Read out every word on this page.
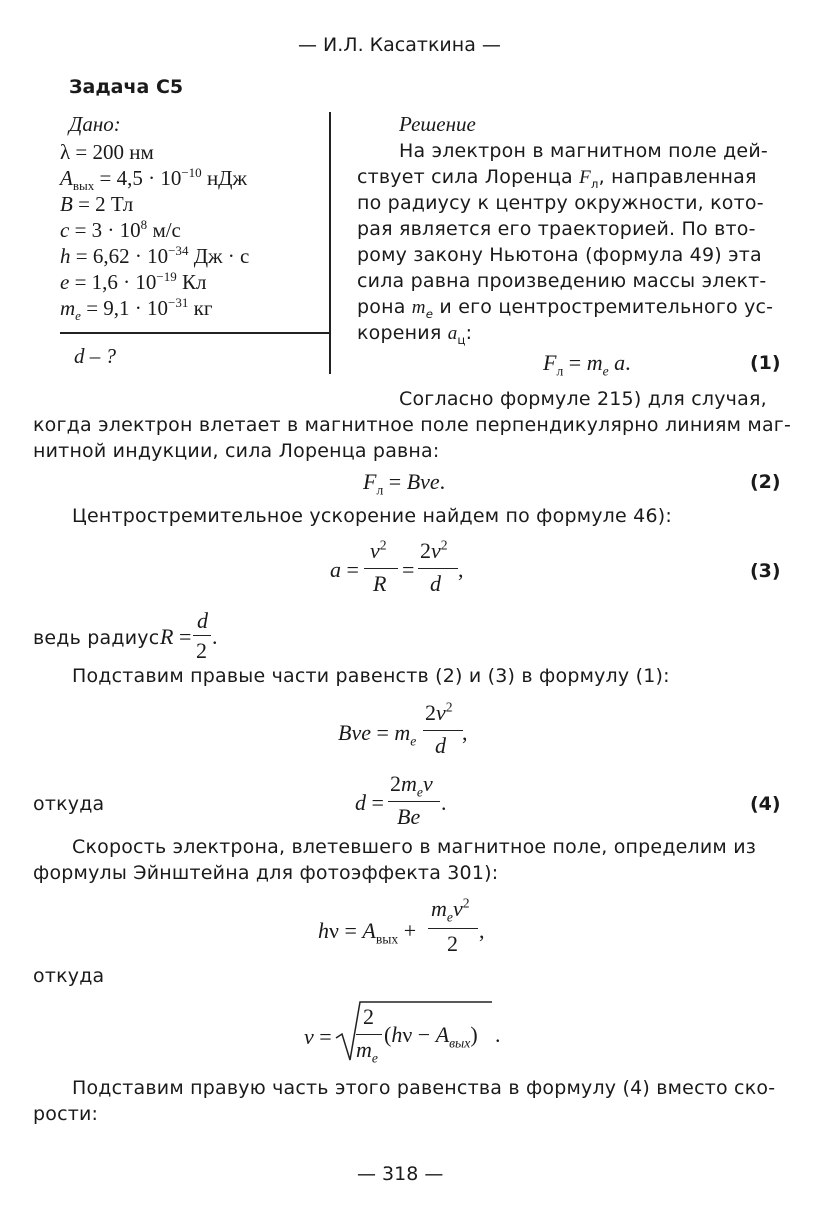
— И.Л. Касаткина —
Задача С5
Дано:
λ = 200 нм
$A_{вых} = 4,5 \cdot 10^{-10}$ нДж
B = 2 Тл
$c = 3 \cdot 10^8$ м/с
$h = 6,62 \cdot 10^{-34}$ Дж · с
$e = 1,6 \cdot 10^{-19}$ Кл
$m_e = 9,1 \cdot 10^{-31}$ кг
d – ?
Решение
На электрон в магнитном поле дей-
ствует сила Лоренца $F_л$, направленная
по радиусу к центру окружности, кото-
рая является его траекторией. По вто-
рому закону Ньютона (формула 49) эта
сила равна произведению массы элект-
рона $m_e$ и его центростремительного ус-
корения $a_ц$:
$F_л = m_e$ a.	(1)
Согласно формуле 215) для случая,
когда электрон влетает в магнитное поле перпендикулярно линиям маг-
нитной индукции, сила Лоренца равна:
$F_л$ = Bve.	(2)
Центростремительное ускорение найдем по формуле 46):
a =
$v^2$
R
=
$2v^2$
d
,	(3)
ведь радиус R =
d
2
.
Подставим правые части равенств (2) и (3) в формулу (1):
Bve = $m_e$
$2v^2$
d
,
откуда	d =
$2m_ev$
Be
.	(4)
Скорость электрона, влетевшего в магнитное поле, определим из
формулы Эйнштейна для фотоэффекта 301):
$h\nu = A_{вых}$ +
$m_ev^2$
2
,
откуда
v =
2
$m_e$
$(h\nu - A_{вых})$ .
Подставим правую часть этого равенства в формулу (4) вместо ско-
рости:
— 318 —
